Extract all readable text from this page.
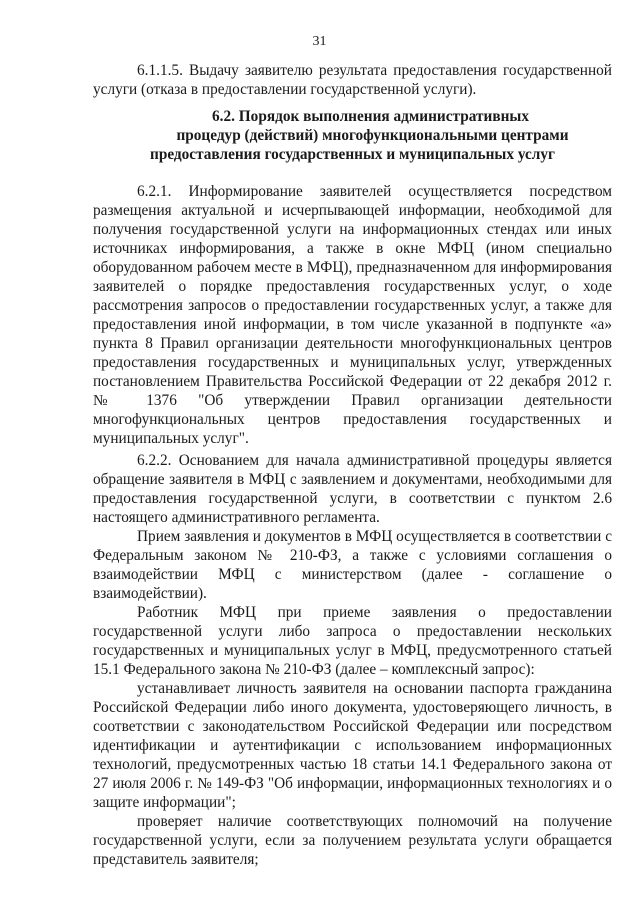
31

6.1.1.5. Выдачу заявителю результата предоставления государственной услуги (отказа в предоставлении государственной услуги).

6.2. Порядок выполнения административных
процедур (действий) многофункциональными центрами
предоставления государственных и муниципальных услуг

6.2.1. Информирование заявителей осуществляется посредством размещения актуальной и исчерпывающей информации, необходимой для получения государственной услуги на информационных стендах или иных источниках информирования, а также в окне МФЦ (ином специально оборудованном рабочем месте в МФЦ), предназначенном для информирования заявителей о порядке предоставления государственных услуг, о ходе рассмотрения запросов о предоставлении государственных услуг, а также для предоставления иной информации, в том числе указанной в подпункте «а» пункта 8 Правил организации деятельности многофункциональных центров предоставления государственных и муниципальных услуг, утвержденных постановлением Правительства Российской Федерации от 22 декабря 2012 г. № 1376 "Об утверждении Правил организации деятельности многофункциональных центров предоставления государственных и муниципальных услуг".

6.2.2. Основанием для начала административной процедуры является обращение заявителя в МФЦ с заявлением и документами, необходимыми для предоставления государственной услуги, в соответствии с пунктом 2.6 настоящего административного регламента.

Прием заявления и документов в МФЦ осуществляется в соответствии с Федеральным законом № 210-ФЗ, а также с условиями соглашения о взаимодействии МФЦ с министерством (далее - соглашение о взаимодействии).

Работник МФЦ при приеме заявления о предоставлении государственной услуги либо запроса о предоставлении нескольких государственных и муниципальных услуг в МФЦ, предусмотренного статьей 15.1 Федерального закона № 210-ФЗ (далее – комплексный запрос):

устанавливает личность заявителя на основании паспорта гражданина Российской Федерации либо иного документа, удостоверяющего личность, в соответствии с законодательством Российской Федерации или посредством идентификации и аутентификации с использованием информационных технологий, предусмотренных частью 18 статьи 14.1 Федерального закона от 27 июля 2006 г. № 149-ФЗ "Об информации, информационных технологиях и о защите информации";

проверяет наличие соответствующих полномочий на получение государственной услуги, если за получением результата услуги обращается представитель заявителя;
